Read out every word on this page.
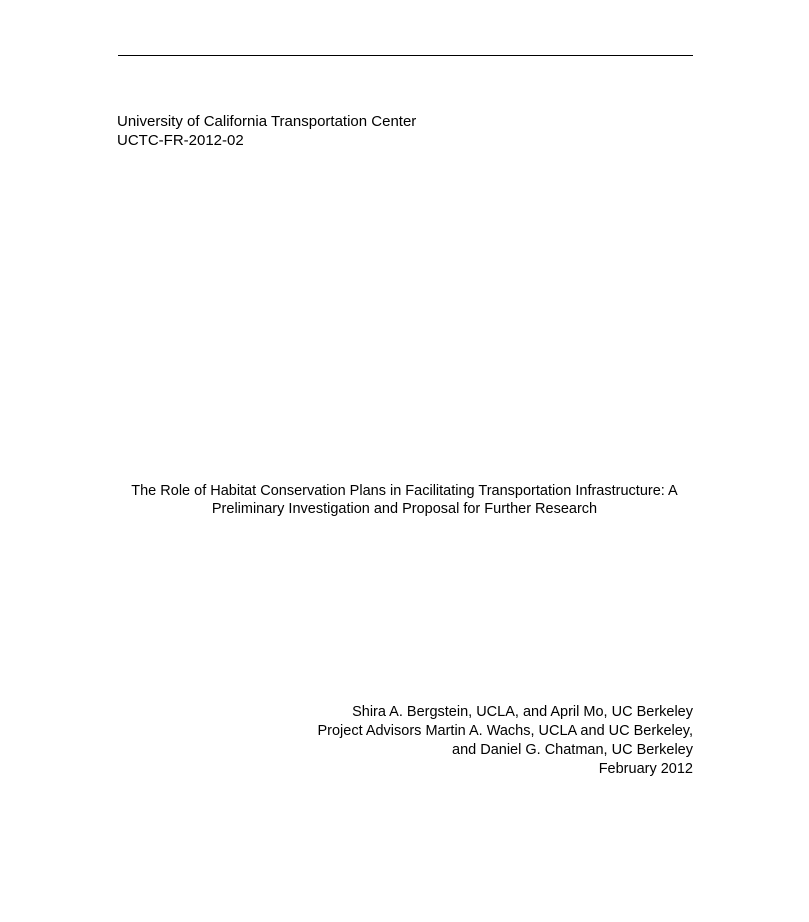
University of California Transportation Center
UCTC-FR-2012-02
The Role of Habitat Conservation Plans in Facilitating Transportation Infrastructure: A
Preliminary Investigation and Proposal for Further Research
Shira A. Bergstein, UCLA, and April Mo, UC Berkeley
Project Advisors Martin A. Wachs, UCLA and UC Berkeley,
and Daniel G. Chatman, UC Berkeley
February 2012
